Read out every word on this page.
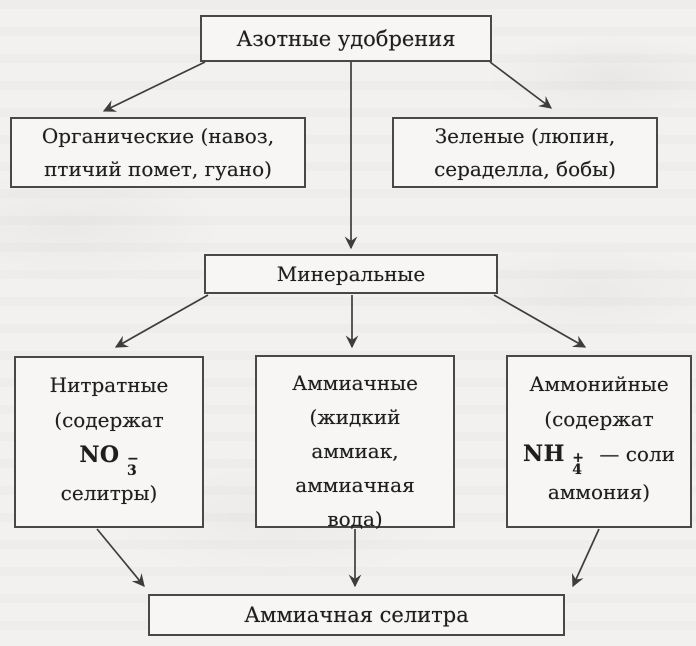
Азотные удобрения
Органические (навоз,
птичий помет, гуано)
Зеленые (люпин,
сераделла, бобы)
Минеральные
Нитратные
(содержат
NO −
3
селитры)
Аммиачные
(жидкий
аммиак,
аммиачная
вода)
Аммонийные
(содержат
NH +
4
— соли
аммония)
Аммиачная селитра
